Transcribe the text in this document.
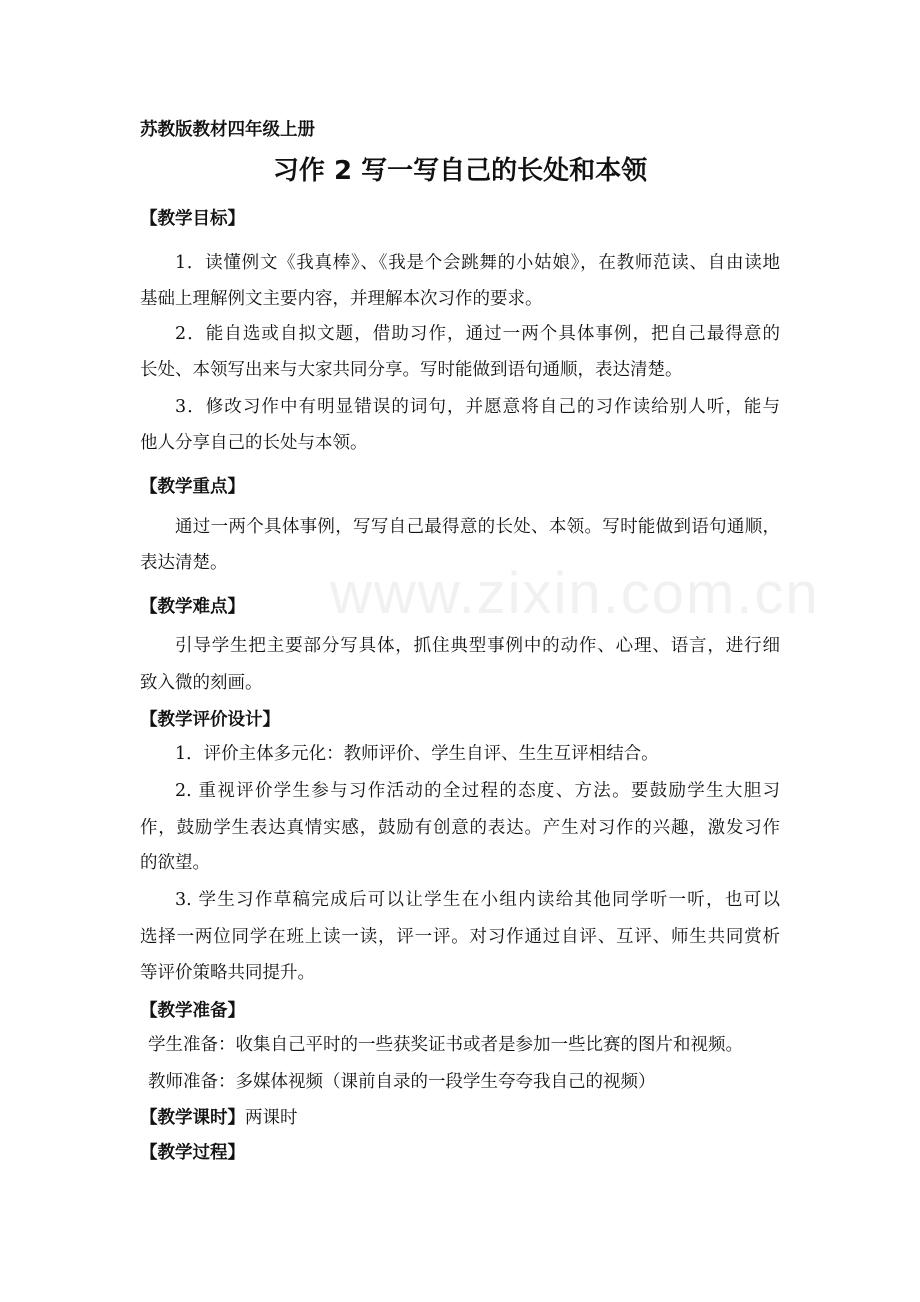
www.zixin.com.cn
苏教版教材四年级上册
习作 2 写一写自己的长处和本领
【教学目标】
1．读懂例文《我真棒》、《我是个会跳舞的小姑娘》，在教师范读、自由读地
基础上理解例文主要内容，并理解本次习作的要求。
2．能自选或自拟文题，借助习作，通过一两个具体事例，把自己最得意的
长处、本领写出来与大家共同分享。写时能做到语句通顺，表达清楚。
3．修改习作中有明显错误的词句，并愿意将自己的习作读给别人听，能与
他人分享自己的长处与本领。
【教学重点】
通过一两个具体事例，写写自己最得意的长处、本领。写时能做到语句通顺，
表达清楚。
【教学难点】
引导学生把主要部分写具体，抓住典型事例中的动作、心理、语言，进行细
致入微的刻画。
【教学评价设计】
1．评价主体多元化：教师评价、学生自评、生生互评相结合。
2. 重视评价学生参与习作活动的全过程的态度、方法。要鼓励学生大胆习
作，鼓励学生表达真情实感，鼓励有创意的表达。产生对习作的兴趣，激发习作
的欲望。
3. 学生习作草稿完成后可以让学生在小组内读给其他同学听一听，也可以
选择一两位同学在班上读一读，评一评。对习作通过自评、互评、师生共同赏析
等评价策略共同提升。
【教学准备】
学生准备：收集自己平时的一些获奖证书或者是参加一些比赛的图片和视频。
教师准备：多媒体视频（课前自录的一段学生夸夸我自己的视频）
【教学课时】两课时
【教学过程】
